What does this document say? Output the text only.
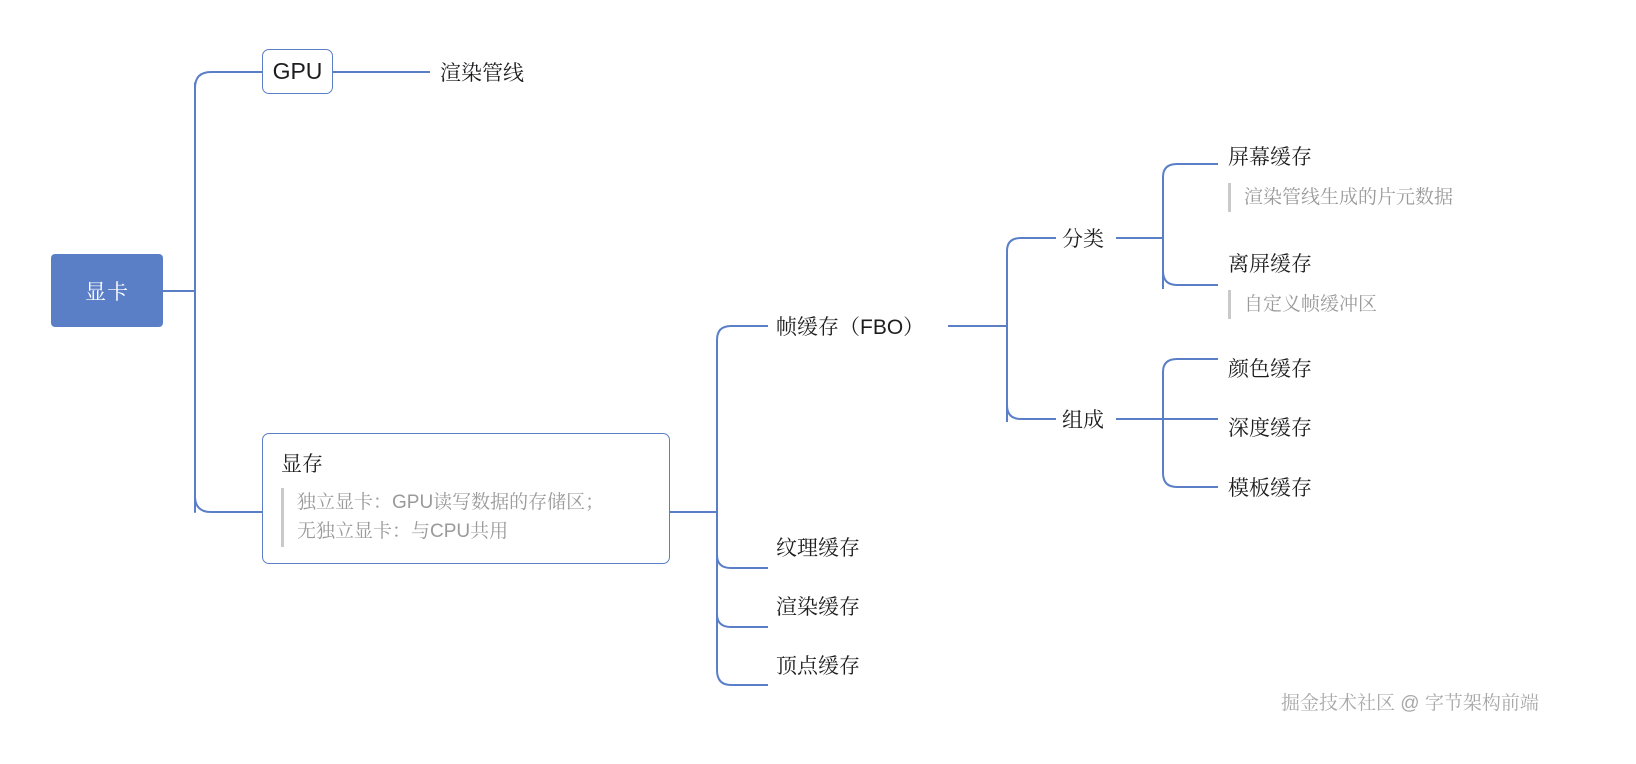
显卡
GPU	渲染管线
显存
独立显卡：GPU读写数据的存储区；
无独立显卡：与CPU共用
帧缓存（FBO）
纹理缓存
渲染缓存
顶点缓存
分类
组成
屏幕缓存
渲染管线生成的片元数据
离屏缓存
自定义帧缓冲区
颜色缓存
深度缓存
模板缓存
掘金技术社区 @ 字节架构前端
